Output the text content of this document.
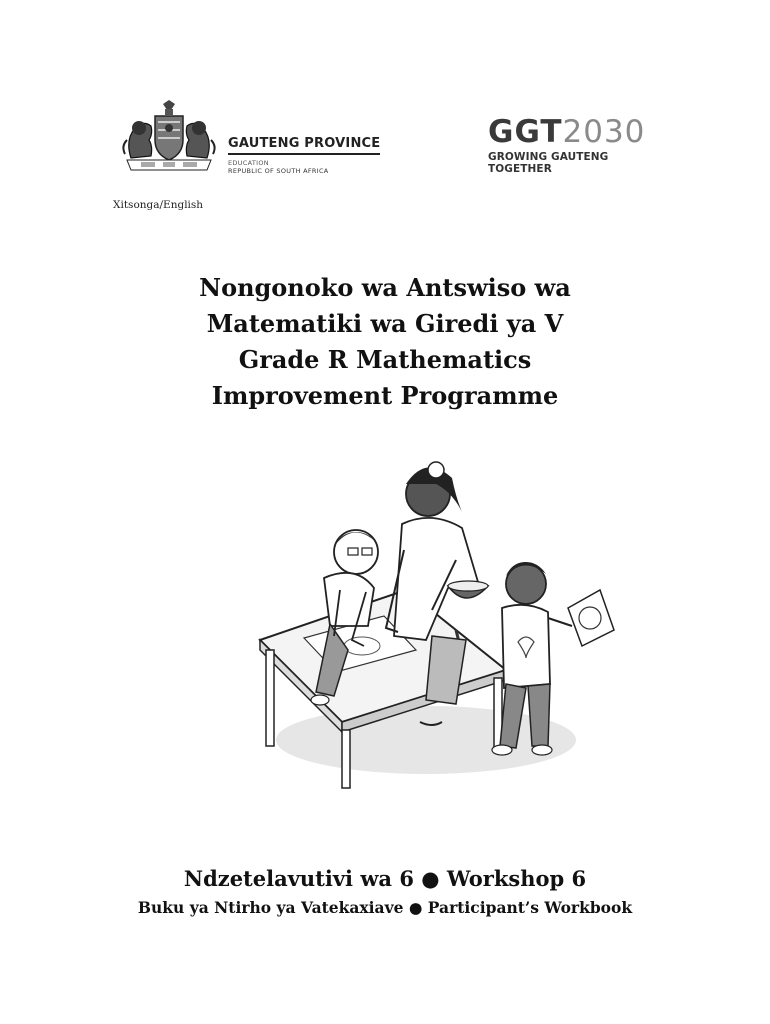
GAUTENG PROVINCE
EDUCATION
REPUBLIC OF SOUTH AFRICA
GGT 2030
GROWING GAUTENG TOGETHER
Xitsonga/English
Nongonoko wa Antswiso wa
Matematiki wa Giredi ya V
Grade R Mathematics
Improvement Programme
Ndzetelavutivi wa 6 ● Workshop 6
Buku ya Ntirho ya Vatekaxiave ● Participant’s Workbook
